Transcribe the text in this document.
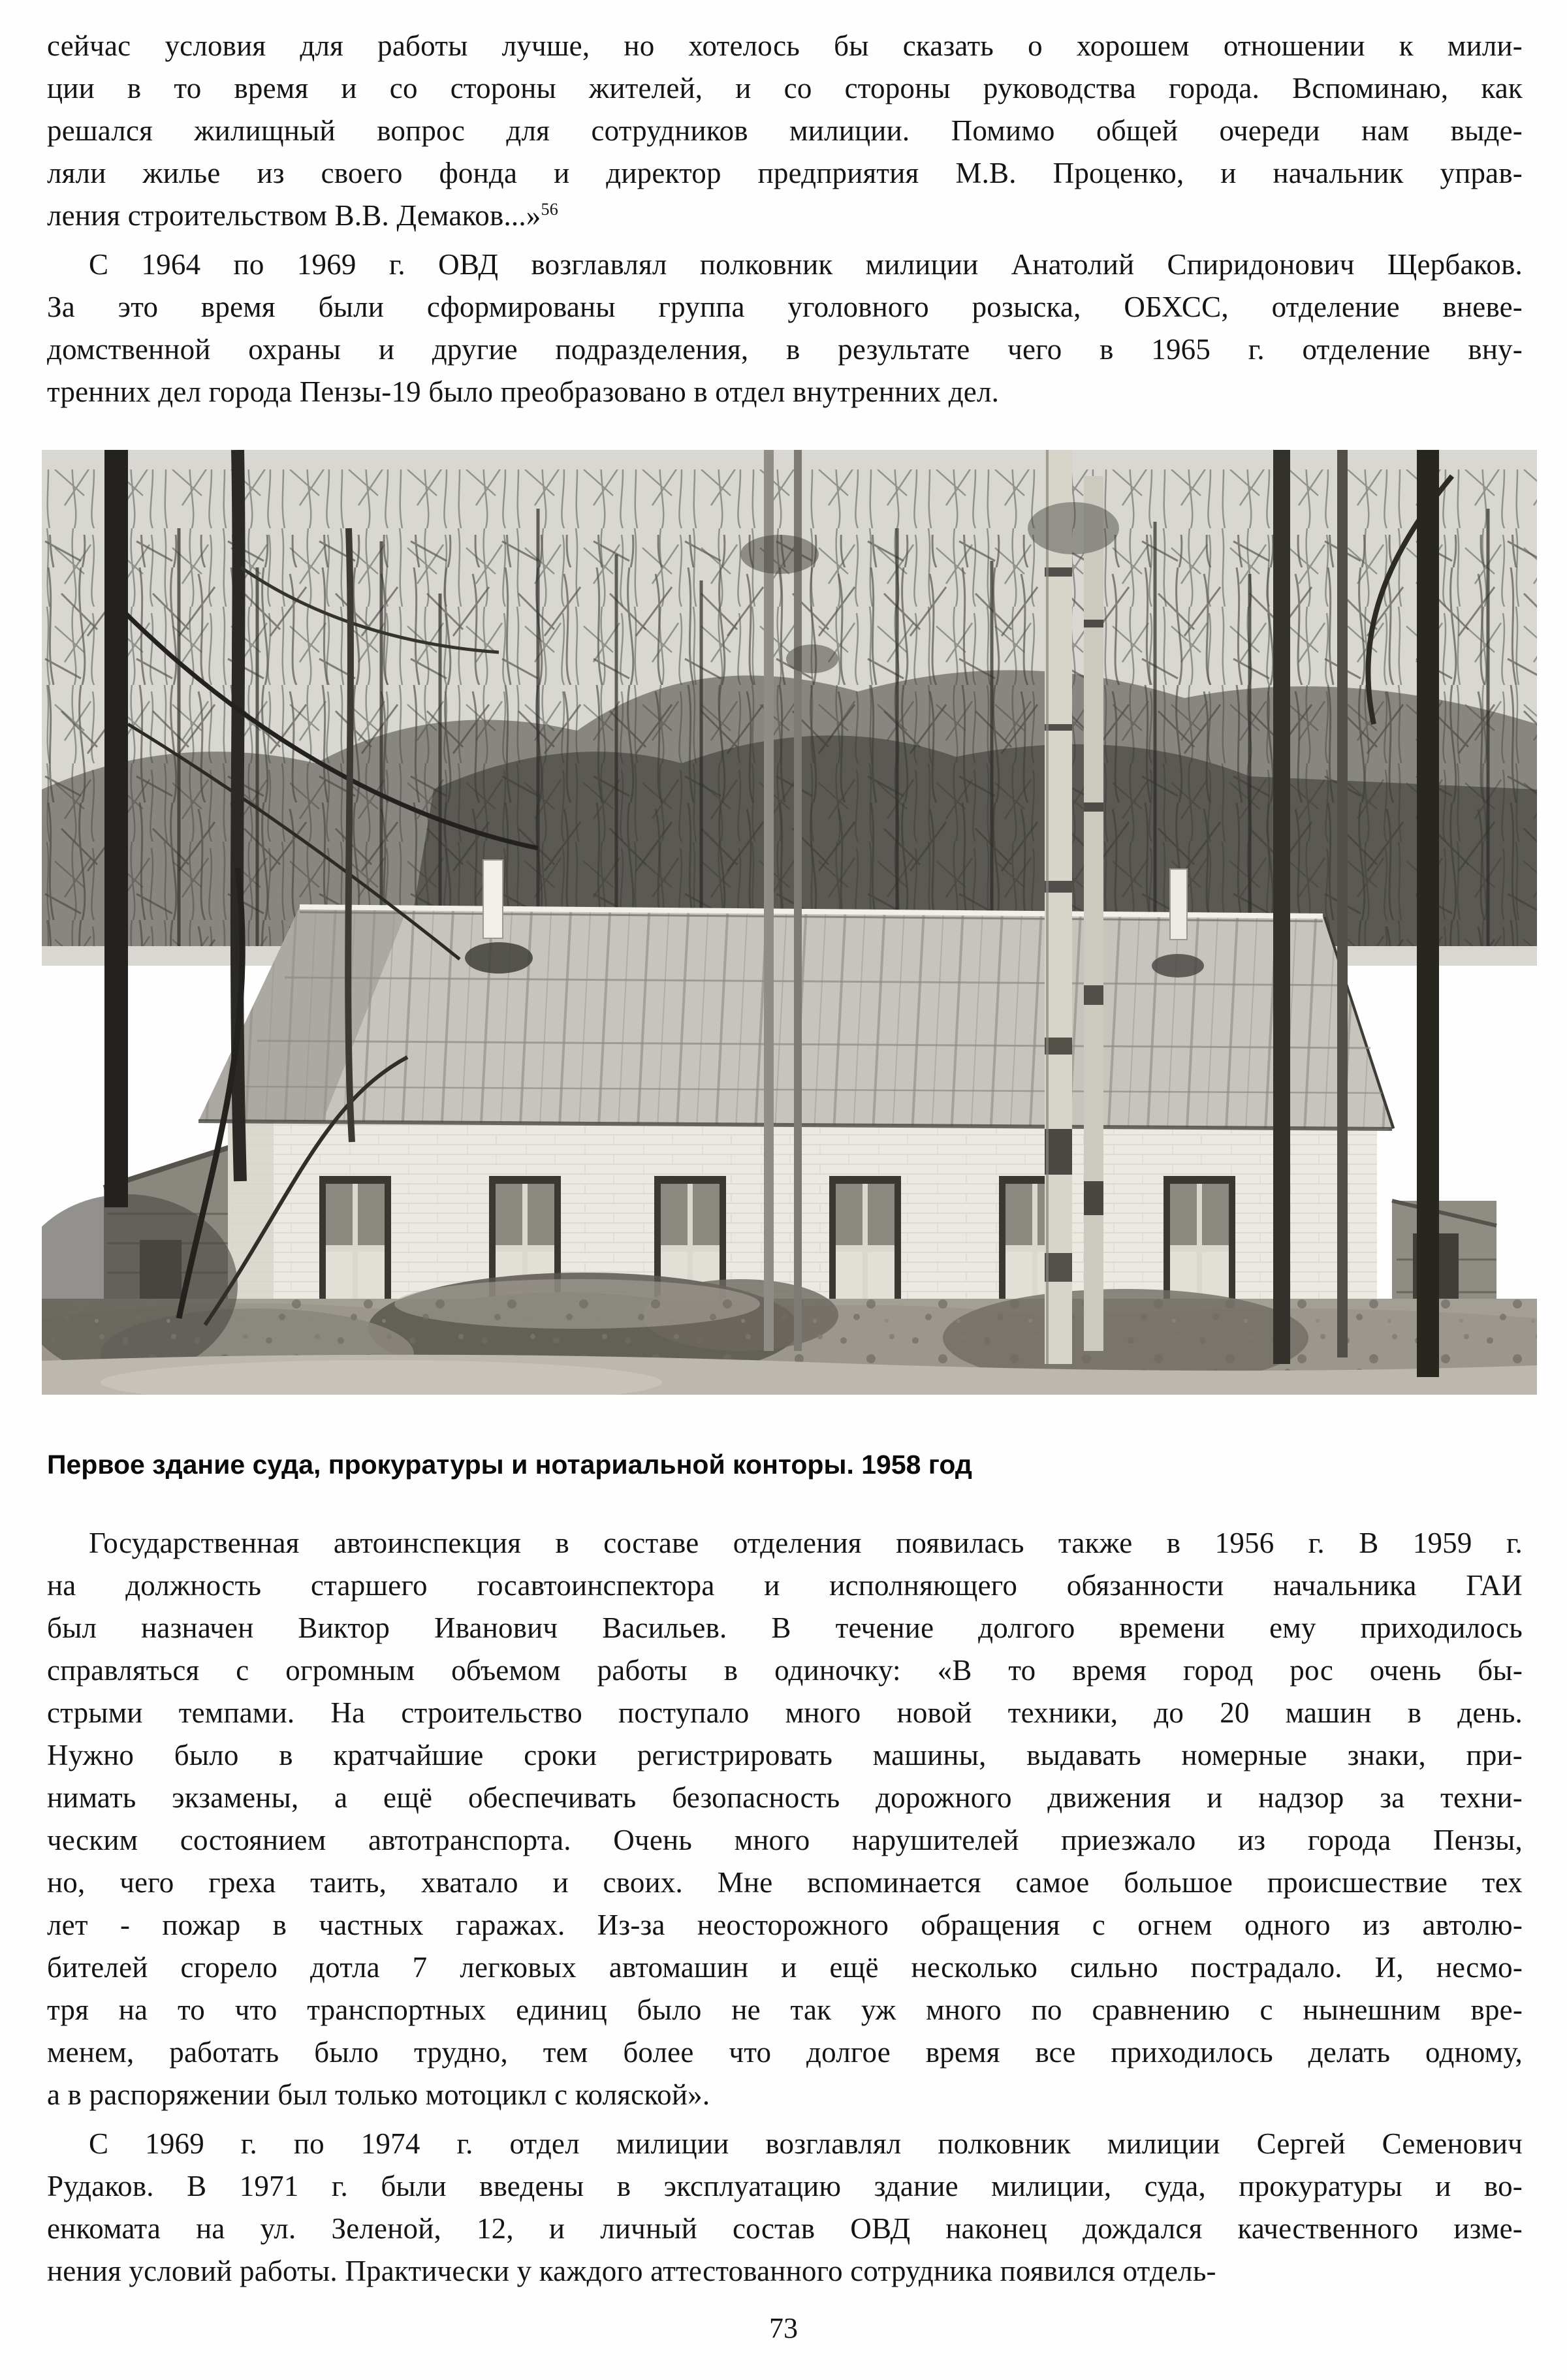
сейчас условия для работы лучше, но хотелось бы сказать о хорошем отношении к мили-
ции в то время и со стороны жителей, и со стороны руководства города. Вспоминаю, как
решался жилищный вопрос для сотрудников милиции. Помимо общей очереди нам выде-
ляли жилье из своего фонда и директор предприятия М.В. Проценко, и начальник управ-
ления строительством В.В. Демаков...»$^{56}$
С 1964 по 1969 г. ОВД возглавлял полковник милиции Анатолий Спиридонович Щербаков.
За это время были сформированы группа уголовного розыска, ОБХСС, отделение вневе-
домственной охраны и другие подразделения, в результате чего в 1965 г. отделение вну-
тренних дел города Пензы-19 было преобразовано в отдел внутренних дел.
Первое здание суда, прокуратуры и нотариальной конторы. 1958 год
Государственная автоинспекция в составе отделения появилась также в 1956 г. В 1959 г.
на должность старшего госавтоинспектора и исполняющего обязанности начальника ГАИ
был назначен Виктор Иванович Васильев. В течение долгого времени ему приходилось
справляться с огромным объемом работы в одиночку: «В то время город рос очень бы-
стрыми темпами. На строительство поступало много новой техники, до 20 машин в день.
Нужно было в кратчайшие сроки регистрировать машины, выдавать номерные знаки, при-
нимать экзамены, а ещё обеспечивать безопасность дорожного движения и надзор за техни-
ческим состоянием автотранспорта. Очень много нарушителей приезжало из города Пензы,
но, чего греха таить, хватало и своих. Мне вспоминается самое большое происшествие тех
лет - пожар в частных гаражах. Из-за неосторожного обращения с огнем одного из автолю-
бителей сгорело дотла 7 легковых автомашин и ещё несколько сильно пострадало. И, несмо-
тря на то что транспортных единиц было не так уж много по сравнению с нынешним вре-
менем, работать было трудно, тем более что долгое время все приходилось делать одному,
а в распоряжении был только мотоцикл с коляской».
С 1969 г. по 1974 г. отдел милиции возглавлял полковник милиции Сергей Семенович
Рудаков. В 1971 г. были введены в эксплуатацию здание милиции, суда, прокуратуры и во-
енкомата на ул. Зеленой, 12, и личный состав ОВД наконец дождался качественного изме-
нения условий работы. Практически у каждого аттестованного сотрудника появился отдель-
73
